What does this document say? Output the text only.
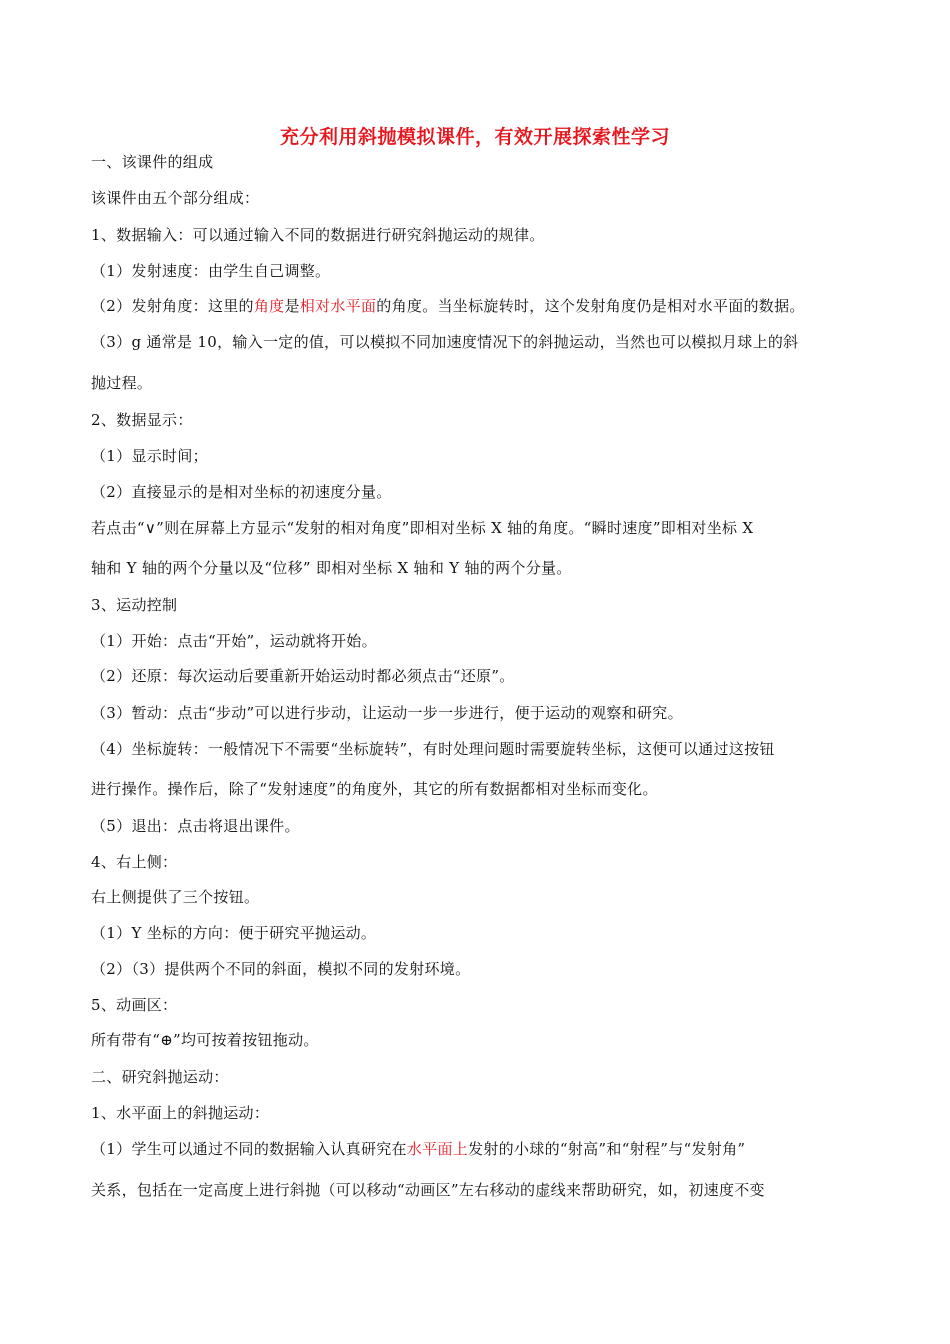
充分利用斜抛模拟课件，有效开展探索性学习
一、该课件的组成
该课件由五个部分组成：
1、数据输入：可以通过输入不同的数据进行研究斜抛运动的规律。
（1）发射速度：由学生自己调整。
（2）发射角度：这里的角度是相对水平面的角度。当坐标旋转时，这个发射角度仍是相对水平面的数据。
（3）g 通常是 10，输入一定的值，可以模拟不同加速度情况下的斜抛运动，当然也可以模拟月球上的斜
抛过程。
2、数据显示：
（1）显示时间；
（2）直接显示的是相对坐标的初速度分量。
若点击“∨”则在屏幕上方显示“发射的相对角度”即相对坐标 X 轴的角度。“瞬时速度”即相对坐标 X
轴和 Y 轴的两个分量以及“位移” 即相对坐标 X 轴和 Y 轴的两个分量。
3、运动控制
（1）开始：点击“开始”，运动就将开始。
（2）还原：每次运动后要重新开始运动时都必须点击“还原”。
（3）暂动：点击“步动”可以进行步动，让运动一步一步进行，便于运动的观察和研究。
（4）坐标旋转：一般情况下不需要“坐标旋转”，有时处理问题时需要旋转坐标，这便可以通过这按钮
进行操作。操作后，除了“发射速度”的角度外，其它的所有数据都相对坐标而变化。
（5）退出：点击将退出课件。
4、右上侧：
右上侧提供了三个按钮。
（1）Y 坐标的方向：便于研究平抛运动。
（2）（3）提供两个不同的斜面，模拟不同的发射环境。
5、动画区：
所有带有“⊕”均可按着按钮拖动。
二、研究斜抛运动：
1、水平面上的斜抛运动：
（1）学生可以通过不同的数据输入认真研究在水平面上发射的小球的“射高”和“射程”与“发射角”
关系，包括在一定高度上进行斜抛（可以移动“动画区”左右移动的虚线来帮助研究，如，初速度不变
